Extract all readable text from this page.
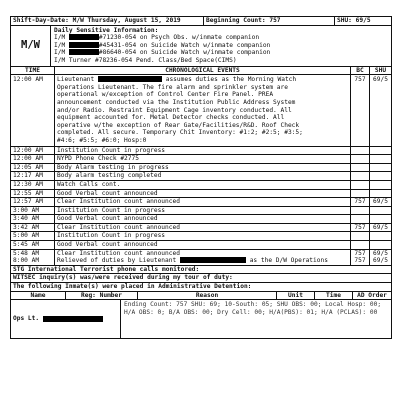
Shift-Day-Date: M/W Thursday, August 15, 2019	Beginning Count: 757	SHU: 69/5
M/W
Daily Sensitive Information:
I/M	#71230-054 on Psych Obs. w/inmate companion
I/M	#45431-054 on Suicide Watch w/inmate companion
I/M	#86640-054 on Suicide Watch w/inmate companion
I/M Turner #78236-054 Pend. Class/Bed Space(CIMS)
TIME	CHRONOLOGICAL EVENTS	BC	SHU
12:00 AM	Lieutenant	assumes duties as the Morning Watch
Operations Lieutenant. The fire alarm and sprinkler system are
operational w/exception of Control Center Fire Panel. PREA
announcement conducted via the Institution Public Address System
and/or Radio. Restraint Equipment Cage inventory conducted. All
equipment accounted for. Metal Detector checks conducted. All
operative w/the exception of Rear Gate/Facilities/R&D. Roof Check
completed. All secure. Temporary Chit Inventory: #1:2; #2:5; #3:5;
#4:6; #5:5; #6:0; Hosp:0
757	69/5
12:00 AM	Institution Count in progress

12:00 AM	NYPD Phone Check #2775

12:05 AM	Body Alarm testing in progress

12:17 AM	Body alarm testing completed

12:30 AM	Watch Calls cont.

12:55 AM	Good Verbal count announced

12:57 AM	Clear Institution count announced	757	69/5
3:00 AM	Institution Count in progress

3:40 AM	Good Verbal count announced

3:42 AM	Clear Institution count announced	757	69/5
5:00 AM	Institution Count in progress

5:45 AM	Good Verbal count announced

5:48 AM	Clear Institution count announced	757	69/5
8:00 AM	Relieved of duties by Lieutenant	as the D/W Operations	757	69/5
STG International Terrorist phone calls monitored:
WITSEC inquiry(s) was/were received during my tour of duty:
The following Inmate(s) were placed in Administrative Detention:
Name	Reg: Number	Reason	Unit	Time	AD Order
Ops Lt.

Ending Count: 757 SHU: 69; 10-South: 05; SHU OBS: 00; Local Hosp: 00; H/A OBS: 0; B/A OBS: 00; Dry Cell: 00; H/A(PBS): 01; H/A (PCLAS): 00
